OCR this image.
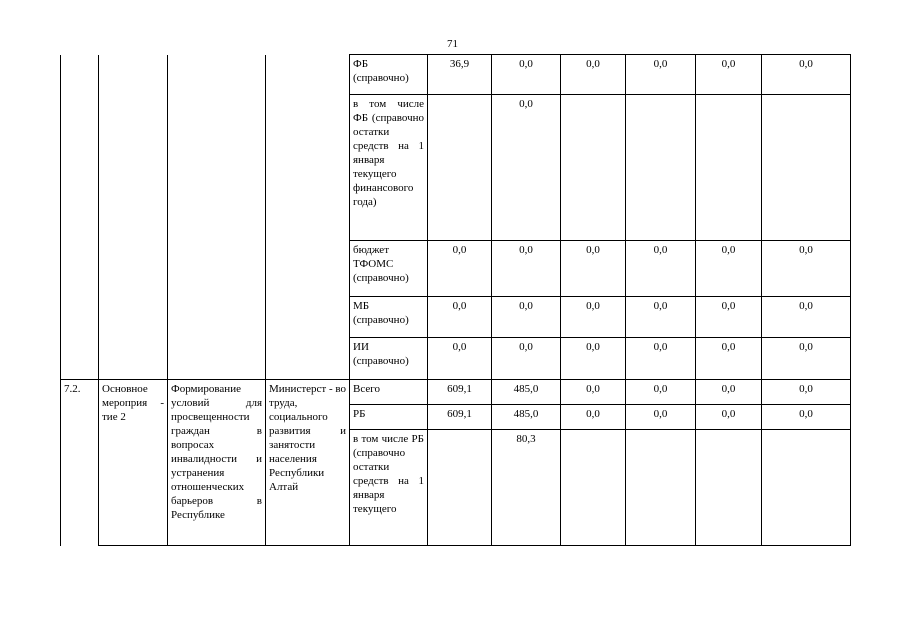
71
				ФБ (справочно)	36,9	0,0	0,0	0,0	0,0	0,0
				в том числе ФБ (справочно остатки средств на 1 января текущего финансового года)		0,0				
				бюджет ТФОМС (справочно)	0,0	0,0	0,0	0,0	0,0	0,0
				МБ (справочно)	0,0	0,0	0,0	0,0	0,0	0,0
				ИИ (справочно)	0,0	0,0	0,0	0,0	0,0	0,0
7.2.	Основное мероприя - тие 2	Формирование условий для просвещенности граждан в вопросах инвалидности и устранения отношенческих барьеров в Республике	Министерст - во труда, социального развития и занятости населения Республики Алтай	Всего	609,1	485,0	0,0	0,0	0,0	0,0
				РБ	609,1	485,0	0,0	0,0	0,0	0,0
				в том числе РБ (справочно остатки средств на 1 января текущего		80,3				
